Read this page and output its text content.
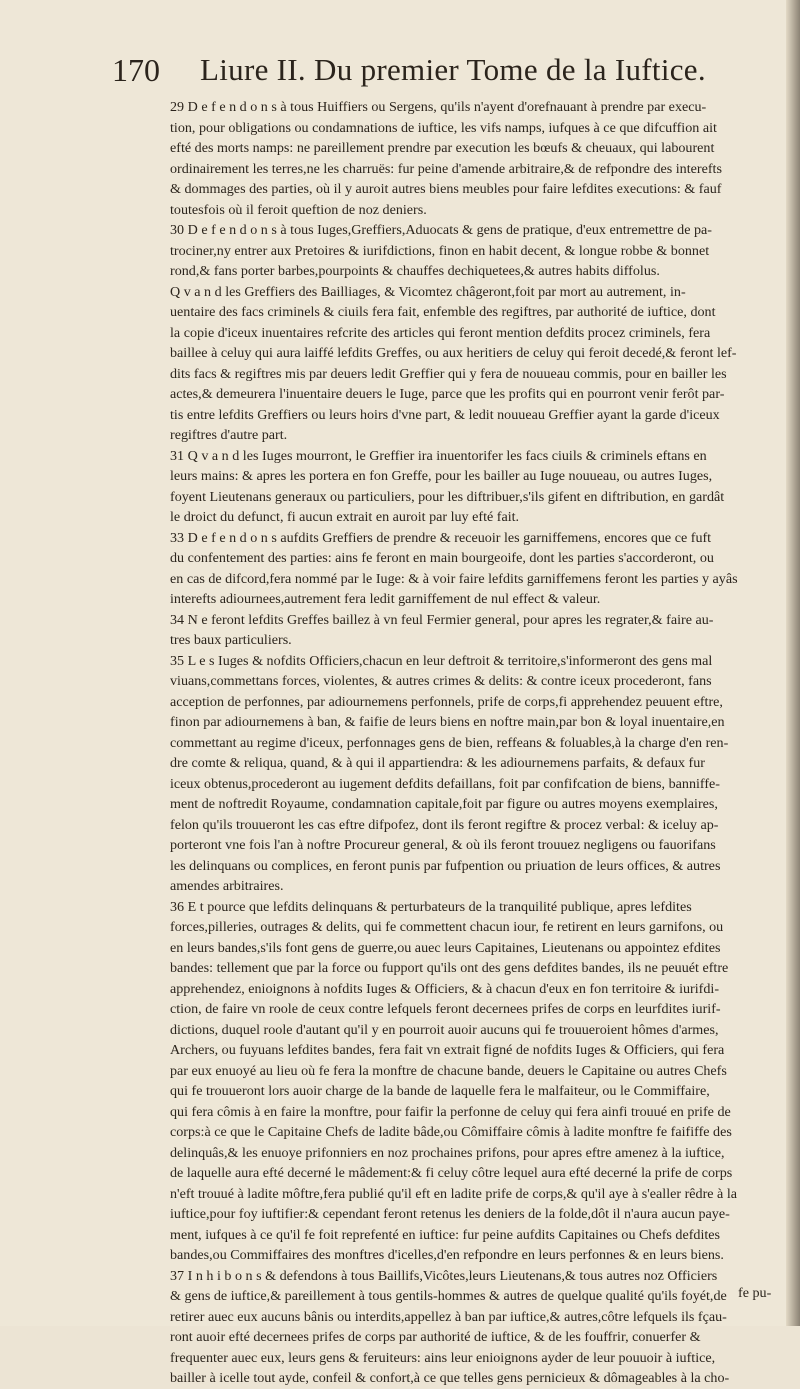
170 Liure II. Du premier Tome de la Iuftice.
29 D e f e n d o n s à tous Huiffiers ou Sergens, qu'ils n'ayent d'orefnauant à prendre par execu-
tion, pour obligations ou condamnations de iuftice, les vifs namps, iufques à ce que difcuffion ait
efté des morts namps: ne pareillement prendre par execution les bœufs & cheuaux, qui labourent
ordinairement les terres,ne les charruës: fur peine d'amende arbitraire,& de refpondre des interefts
& dommages des parties, où il y auroit autres biens meubles pour faire lefdites executions: & fauf
toutesfois où il feroit queftion de noz deniers.
30 D e f e n d o n s à tous Iuges,Greffiers,Aduocats & gens de pratique, d'eux entremettre de pa-
trociner,ny entrer aux Pretoires & iurifdictions, finon en habit decent, & longue robbe & bonnet
rond,& fans porter barbes,pourpoints & chauffes dechiquetees,& autres habits diffolus.
Q v a n d les Greffiers des Bailliages, & Vicomtez châgeront,foit par mort au autrement, in-
uentaire des facs criminels & ciuils fera fait, enfemble des regiftres, par authorité de iuftice, dont
la copie d'iceux inuentaires refcrite des articles qui feront mention defdits procez criminels, fera
baillee à celuy qui aura laiffé lefdits Greffes, ou aux heritiers de celuy qui feroit decedé,& feront lef-
dits facs & regiftres mis par deuers ledit Greffier qui y fera de nouueau commis, pour en bailler les
actes,& demeurera l'inuentaire deuers le Iuge, parce que les profits qui en pourront venir ferôt par-
tis entre lefdits Greffiers ou leurs hoirs d'vne part, & ledit nouueau Greffier ayant la garde d'iceux
regiftres d'autre part.
31 Q v a n d les Iuges mourront, le Greffier ira inuentorifer les facs ciuils & criminels eftans en
leurs mains: & apres les portera en fon Greffe, pour les bailler au Iuge nouueau, ou autres Iuges,
foyent Lieutenans generaux ou particuliers, pour les diftribuer,s'ils gifent en diftribution, en gardât
le droict du defunct, fi aucun extrait en auroit par luy efté fait.
33 D e f e n d o n s aufdits Greffiers de prendre & receuoir les garniffemens, encores que ce fuft
du confentement des parties: ains fe feront en main bourgeoife, dont les parties s'accorderont, ou
en cas de difcord,fera nommé par le Iuge: & à voir faire lefdits garniffemens feront les parties y ayâs
interefts adiournees,autrement fera ledit garniffement de nul effect & valeur.
34 N e feront lefdits Greffes baillez à vn feul Fermier general, pour apres les regrater,& faire au-
tres baux particuliers.
35 L e s Iuges & nofdits Officiers,chacun en leur deftroit & territoire,s'informeront des gens mal
viuans,commettans forces, violentes, & autres crimes & delits: & contre iceux procederont, fans
acception de perfonnes, par adiournemens perfonnels, prife de corps,fi apprehendez peuuent eftre,
finon par adiournemens à ban, & faifie de leurs biens en noftre main,par bon & loyal inuentaire,en
commettant au regime d'iceux, perfonnages gens de bien, reffeans & foluables,à la charge d'en ren-
dre comte & reliqua, quand, & à qui il appartiendra: & les adiournemens parfaits, & defaux fur
iceux obtenus,procederont au iugement defdits defaillans, foit par confifcation de biens, banniffe-
ment de noftredit Royaume, condamnation capitale,foit par figure ou autres moyens exemplaires,
felon qu'ils trouueront les cas eftre difpofez, dont ils feront regiftre & procez verbal: & iceluy ap-
porteront vne fois l'an à noftre Procureur general, & où ils feront trouuez negligens ou fauorifans
les delinquans ou complices, en feront punis par fufpention ou priuation de leurs offices, & autres
amendes arbitraires.
36 E t pource que lefdits delinquans & perturbateurs de la tranquilité publique, apres lefdites
forces,pilleries, outrages & delits, qui fe commettent chacun iour, fe retirent en leurs garnifons, ou
en leurs bandes,s'ils font gens de guerre,ou auec leurs Capitaines, Lieutenans ou appointez efdites
bandes: tellement que par la force ou fupport qu'ils ont des gens defdites bandes, ils ne peuuét eftre
apprehendez, enioignons à nofdits Iuges & Officiers, & à chacun d'eux en fon territoire & iurifdi-
ction, de faire vn roole de ceux contre lefquels feront decernees prifes de corps en leurfdites iurif-
dictions, duquel roole d'autant qu'il y en pourroit auoir aucuns qui fe trouueroient hômes d'armes,
Archers, ou fuyuans lefdites bandes, fera fait vn extrait figné de nofdits Iuges & Officiers, qui fera
par eux enuoyé au lieu où fe fera la monftre de chacune bande, deuers le Capitaine ou autres Chefs
qui fe trouueront lors auoir charge de la bande de laquelle fera le malfaiteur, ou le Commiffaire,
qui fera cômis à en faire la monftre, pour faifir la perfonne de celuy qui fera ainfi trouué en prife de
corps:à ce que le Capitaine Chefs de ladite bâde,ou Cômiffaire cômis à ladite monftre fe faififfe des
delinquâs,& les enuoye prifonniers en noz prochaines prifons, pour apres eftre amenez à la iuftice,
de laquelle aura efté decerné le mâdement:& fi celuy côtre lequel aura efté decerné la prife de corps
n'eft trouué à ladite môftre,fera publié qu'il eft en ladite prife de corps,& qu'il aye à s'ealler rêdre à la
iuftice,pour foy iuftifier:& cependant feront retenus les deniers de la folde,dôt il n'aura aucun paye-
ment, iufques à ce qu'il fe foit reprefenté en iuftice: fur peine aufdits Capitaines ou Chefs defdites
bandes,ou Commiffaires des monftres d'icelles,d'en refpondre en leurs perfonnes & en leurs biens.
37 I n h i b o n s & defendons à tous Baillifs,Vicôtes,leurs Lieutenans,& tous autres noz Officiers
& gens de iuftice,& pareillement à tous gentils-hommes & autres de quelque qualité qu'ils foyét,de
retirer auec eux aucuns bânis ou interdits,appellez à ban par iuftice,& autres,côtre lefquels ils fçau-
ront auoir efté decernees prifes de corps par authorité de iuftice, & de les fouffrir, conuerfer &
frequenter auec eux, leurs gens & feruiteurs: ains leur enioignons ayder de leur pouuoir à iuftice,
bailler à icelle tout ayde, confeil & confort,à ce que telles gens pernicieux & dômageables à la cho-
fe pu-
